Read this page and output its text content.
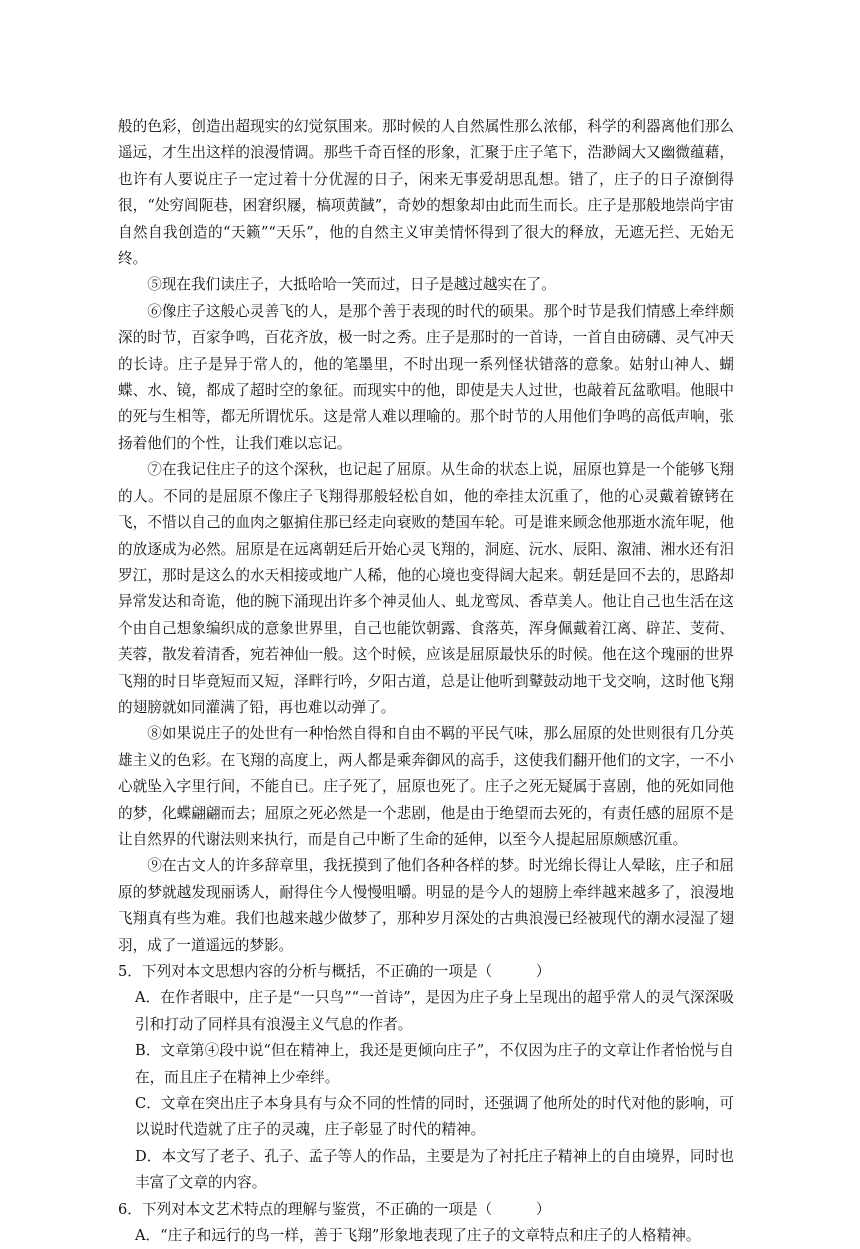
般的色彩，创造出超现实的幻觉氛围来。那时候的人自然属性那么浓郁，科学的利器离他们那么遥远，才生出这样的浪漫情调。那些千奇百怪的形象，汇聚于庄子笔下，浩渺阔大又幽微蕴藉，也许有人要说庄子一定过着十分优渥的日子，闲来无事爱胡思乱想。错了，庄子的日子潦倒得很，“处穷闾阨巷，困窘织屦，槁项黄馘”，奇妙的想象却由此而生而长。庄子是那般地崇尚宇宙自然自我创造的“天籁”“天乐”，他的自然主义审美情怀得到了很大的释放，无遮无拦、无始无终。

⑤现在我们读庄子，大抵哈哈一笑而过，日子是越过越实在了。

⑥像庄子这般心灵善飞的人，是那个善于表现的时代的硕果。那个时节是我们情感上牵绊颇深的时节，百家争鸣，百花齐放，极一时之秀。庄子是那时的一首诗，一首自由磅礴、灵气冲天的长诗。庄子是异于常人的，他的笔墨里，不时出现一系列怪状错落的意象。姑射山神人、蝴蝶、水、镜，都成了超时空的象征。而现实中的他，即使是夫人过世，也敲着瓦盆歌唱。他眼中的死与生相等，都无所谓忧乐。这是常人难以理喻的。那个时节的人用他们争鸣的高低声响，张扬着他们的个性，让我们难以忘记。

⑦在我记住庄子的这个深秋，也记起了屈原。从生命的状态上说，屈原也算是一个能够飞翔的人。不同的是屈原不像庄子飞翔得那般轻松自如，他的牵挂太沉重了，他的心灵戴着镣铐在飞，不惜以自己的血肉之躯掮住那已经走向衰败的楚国车轮。可是谁来顾念他那逝水流年呢，他的放逐成为必然。屈原是在远离朝廷后开始心灵飞翔的，洞庭、沅水、辰阳、溆浦、湘水还有汨罗江，那时是这么的水天相接或地广人稀，他的心境也变得阔大起来。朝廷是回不去的，思路却异常发达和奇诡，他的腕下涌现出许多个神灵仙人、虬龙鸾凤、香草美人。他让自己也生活在这个由自己想象编织成的意象世界里，自己也能饮朝露、食落英，浑身佩戴着江离、辟芷、芰荷、芙蓉，散发着清香，宛若神仙一般。这个时候，应该是屈原最快乐的时候。他在这个瑰丽的世界飞翔的时日毕竟短而又短，泽畔行吟，夕阳古道，总是让他听到鼙鼓动地干戈交响，这时他飞翔的翅膀就如同灌满了铅，再也难以动弹了。

⑧如果说庄子的处世有一种怡然自得和自由不羁的平民气味，那么屈原的处世则很有几分英雄主义的色彩。在飞翔的高度上，两人都是乘奔御风的高手，这使我们翻开他们的文字，一不小心就坠入字里行间，不能自已。庄子死了，屈原也死了。庄子之死无疑属于喜剧，他的死如同他的梦，化蝶翩翩而去；屈原之死必然是一个悲剧，他是由于绝望而去死的，有责任感的屈原不是让自然界的代谢法则来执行，而是自己中断了生命的延伸，以至今人提起屈原颇感沉重。

⑨在古文人的许多辞章里，我抚摸到了他们各种各样的梦。时光绵长得让人晕眩，庄子和屈原的梦就越发现丽诱人，耐得住今人慢慢咀嚼。明显的是今人的翅膀上牵绊越来越多了，浪漫地飞翔真有些为难。我们也越来越少做梦了，那种岁月深处的古典浪漫已经被现代的潮水浸湿了翅羽，成了一道遥远的梦影。

5．下列对本文思想内容的分析与概括，不正确的一项是（　　　）

A．在作者眼中，庄子是“一只鸟”“一首诗”，是因为庄子身上呈现出的超乎常人的灵气深深吸引和打动了同样具有浪漫主义气息的作者。

B．文章第④段中说“但在精神上，我还是更倾向庄子”，不仅因为庄子的文章让作者怡悦与自在，而且庄子在精神上少牵绊。

C．文章在突出庄子本身具有与众不同的性情的同时，还强调了他所处的时代对他的影响，可以说时代造就了庄子的灵魂，庄子彰显了时代的精神。

D．本文写了老子、孔子、孟子等人的作品，主要是为了衬托庄子精神上的自由境界，同时也丰富了文章的内容。

6．下列对本文艺术特点的理解与鉴赏，不正确的一项是（　　　）

A．“庄子和远行的鸟一样，善于飞翔”形象地表现了庄子的文章特点和庄子的人格精神。
